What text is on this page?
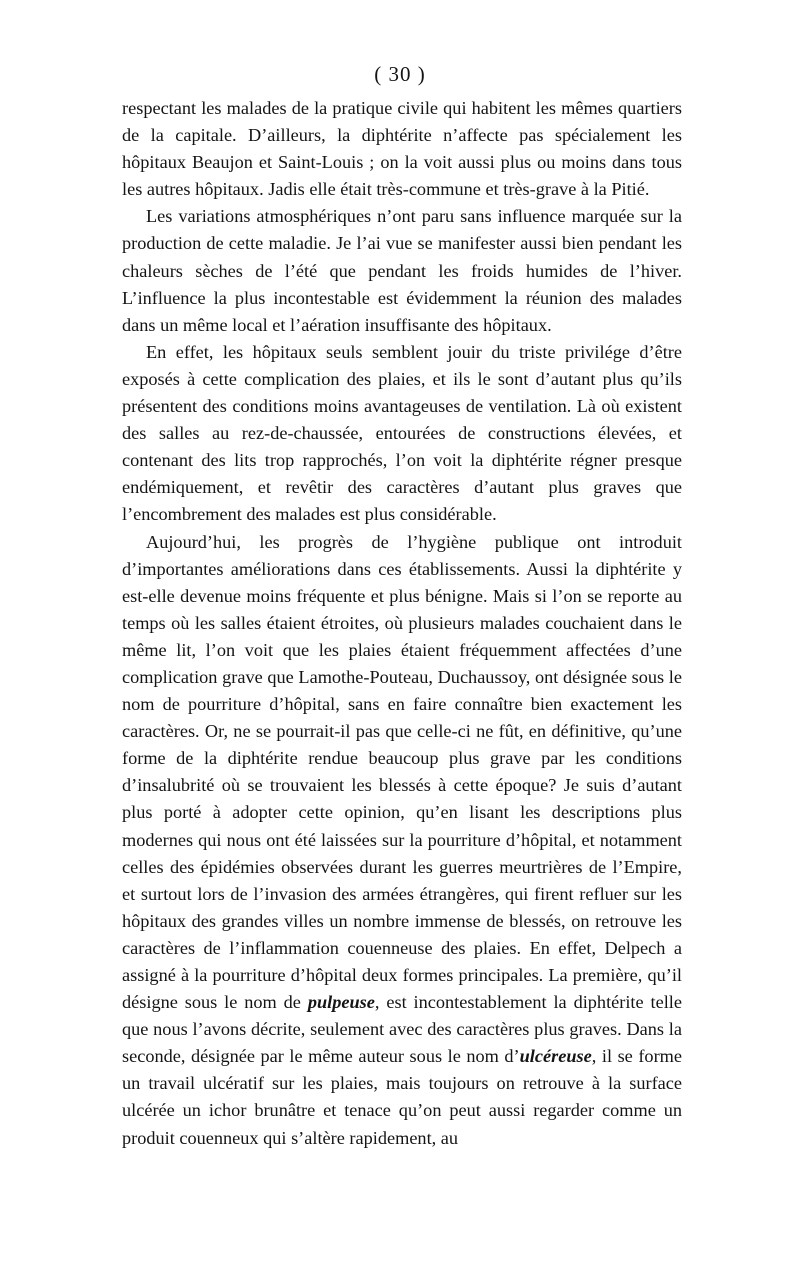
( 30 )

respectant les malades de la pratique civile qui habitent les mêmes quartiers de la capitale. D’ailleurs, la diphtérite n’affecte pas spécialement les hôpitaux Beaujon et Saint-Louis ; on la voit aussi plus ou moins dans tous les autres hôpitaux. Jadis elle était très-commune et très-grave à la Pitié.

Les variations atmosphériques n’ont paru sans influence marquée sur la production de cette maladie. Je l’ai vue se manifester aussi bien pendant les chaleurs sèches de l’été que pendant les froids humides de l’hiver. L’influence la plus incontestable est évidemment la réunion des malades dans un même local et l’aération insuffisante des hôpitaux.

En effet, les hôpitaux seuls semblent jouir du triste privilége d’être exposés à cette complication des plaies, et ils le sont d’autant plus qu’ils présentent des conditions moins avantageuses de ventilation. Là où existent des salles au rez-de-chaussée, entourées de constructions élevées, et contenant des lits trop rapprochés, l’on voit la diphtérite régner presque endémiquement, et revêtir des caractères d’autant plus graves que l’encombrement des malades est plus considérable.

Aujourd’hui, les progrès de l’hygiène publique ont introduit d’importantes améliorations dans ces établissements. Aussi la diphtérite y est-elle devenue moins fréquente et plus bénigne. Mais si l’on se reporte au temps où les salles étaient étroites, où plusieurs malades couchaient dans le même lit, l’on voit que les plaies étaient fréquemment affectées d’une complication grave que Lamothe-Pouteau, Duchaussoy, ont désignée sous le nom de pourriture d’hôpital, sans en faire connaître bien exactement les caractères. Or, ne se pourrait-il pas que celle-ci ne fût, en définitive, qu’une forme de la diphtérite rendue beaucoup plus grave par les conditions d’insalubrité où se trouvaient les blessés à cette époque? Je suis d’autant plus porté à adopter cette opinion, qu’en lisant les descriptions plus modernes qui nous ont été laissées sur la pourriture d’hôpital, et notamment celles des épidémies observées durant les guerres meurtrières de l’Empire, et surtout lors de l’invasion des armées étrangères, qui firent refluer sur les hôpitaux des grandes villes un nombre immense de blessés, on retrouve les caractères de l’inflammation couenneuse des plaies. En effet, Delpech a assigné à la pourriture d’hôpital deux formes principales. La première, qu’il désigne sous le nom de pulpeuse, est incontestablement la diphtérite telle que nous l’avons décrite, seulement avec des caractères plus graves. Dans la seconde, désignée par le même auteur sous le nom d’ulcéreuse, il se forme un travail ulcératif sur les plaies, mais toujours on retrouve à la surface ulcérée un ichor brunâtre et tenace qu’on peut aussi regarder comme un produit couenneux qui s’altère rapidement, au
